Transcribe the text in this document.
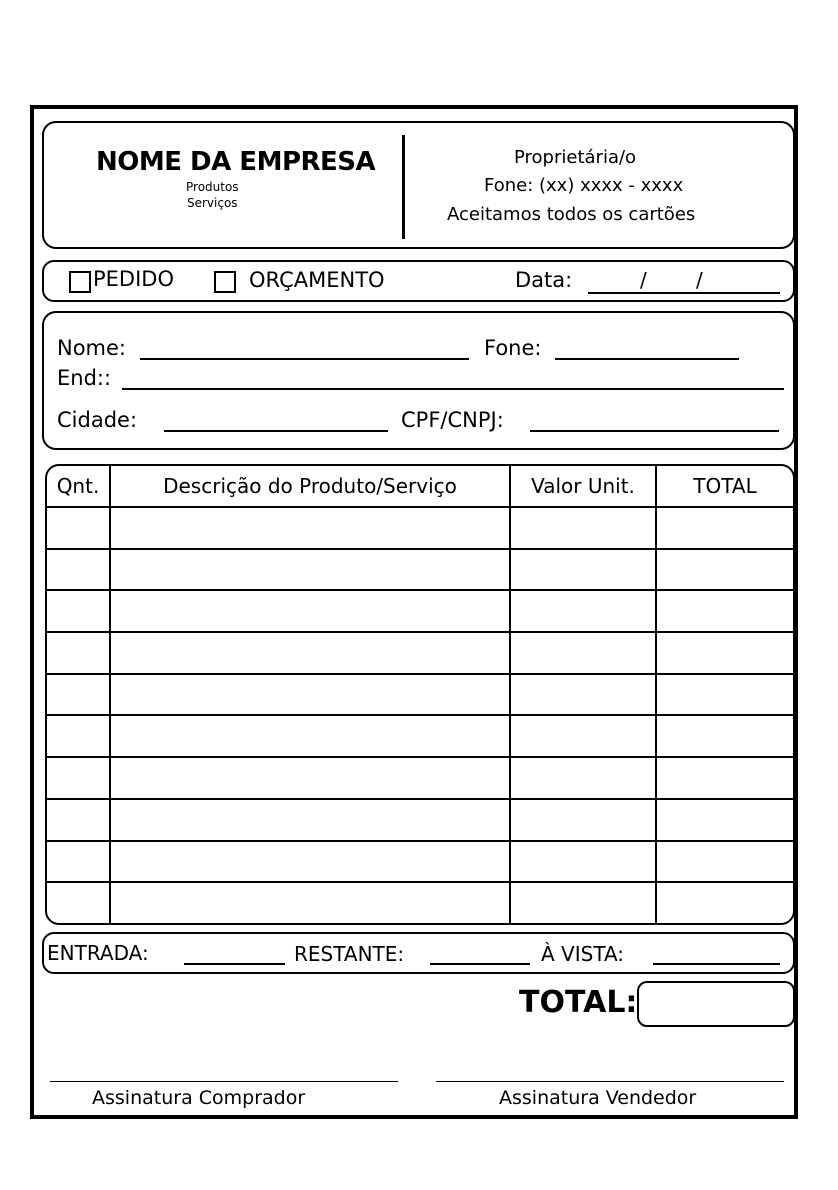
NOME DA EMPRESA
Produtos
Serviços
Proprietária/o
Fone: (xx) xxxx - xxxx
Aceitamos todos os cartões
PEDIDO	ORÇAMENTO	Data:	/ /
Nome:	Fone:
End::
Cidade:	CPF/CNPJ:
Qnt.	Descrição do Produto/Serviço	Valor Unit.	TOTAL

ENTRADA:	RESTANTE:	À VISTA:
TOTAL:
Assinatura Comprador	Assinatura Vendedor
